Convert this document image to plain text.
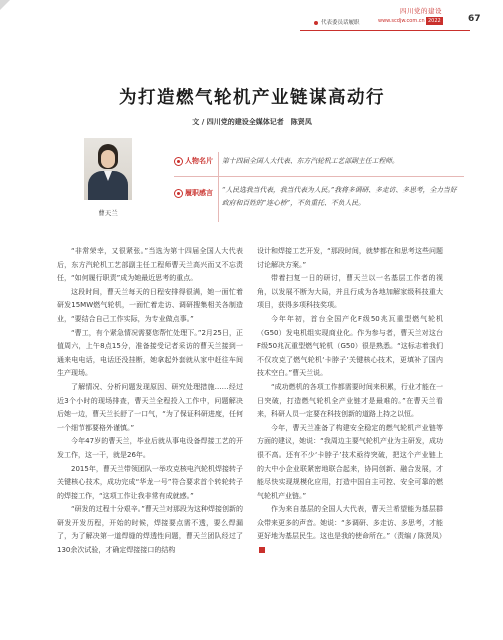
四川党的建设
代表委员话履职	www.scdjw.com.cn 2022	67
为打造燃气轮机产业链谋高动行
文 / 四川党的建设全媒体记者　陈贤凤
曹天兰
人物名片 第十四届全国人大代表、东方汽轮机工艺部副主任工程师。
履职感言 “人民选我当代表，我当代表为人民。”我将多调研、多走访、多思考，全力当好政府和百姓的“连心桥”，不负重托、不负人民。

“非常荣幸，又很紧张。”当选为第十四届全国人大代表后，东方汽轮机工艺部副主任工程师曹天兰高兴而又不忘责任，“如何履行职责”成为她最近思考的重点。

这段时间，曹天兰每天的日程安排得很满，她一面忙着研发15MW燃气轮机，一面忙着走访、调研搜集相关各制造业，“要结合自己工作实际，为专业做点事。”

“曹工，有个紧急情况需要您帮忙处理下。”2月25日，正值周六，上午8点15分，准备接受记者采访的曹天兰接到一通来电电话，电话还没挂断，她拿起外套就从家中赶往车间生产现场。

了解情况、分析问题发现原因、研究处理措施……经过近3个小时的现场排查，曹天兰全程投入工作中，问题解决后她一边，曹天兰长舒了一口气，“为了保证科研进度，任何一个细节都要格外谨慎。”

今年47岁的曹天兰，毕业后就从事电设备焊接工艺的开发工作，这一干，就是26年。

2015年，曹天兰带领团队一举攻克核电汽轮机焊接转子关键核心技术，成功完成“华龙一号”符合要求首个转轮转子的焊接工作，“这项工作让我非常有成就感。”

“研发的过程十分艰辛。”曹天兰对那段为这种焊接创新的研发开发历程，开始的时候，焊接要点需不透，要么焊漏了，为了解决第一道焊缝的焊透性问题，曹天兰团队经过了130余次试验，才确定焊接接口的结构

设计和焊接工艺开发，“那段时间，就梦都在和思考这些问题讨论解决方案。”

带着扫复一日的研讨，曹天兰以一名基层工作者的视角，以发展不断为大局，并且行成为各地加解家级科技重大项目，获得多项科技奖项。

今年年初，首台全国产化F级50兆瓦重型燃气轮机（G50）发电机组实现商业化。作为参与者，曹天兰对这台F级50兆瓦重型燃气轮机（G50）很是熟悉。“这标志着我们不仅攻克了燃气轮机‘卡脖子’关键核心技术，更填补了国内技术空白。”曹天兰说。

“成功燃机的各项工作都需要时间来积累，行业才能在一日突破，打造燃气轮机全产业链才是最难的。”在曹天兰看来，科研人员一定要在科技创新的道路上持之以恒。

今年，曹天兰准备了构建安全稳定的燃气轮机产业链等方面的建议，她说：“我周边主要气轮机产业为主研发，成功很不高。还有不少‘卡脖子’技术亟待突破，把这个产业链上的大中小企业联紧密地联合起来，协同创新、融合发展，才能尽快实现规模化应用，打造中国自主可控、安全可靠的燃气轮机产业链。”

作为来自基层的全国人大代表，曹天兰希望能为基层群众带来更多的声音。她说：“多调研、多走访、多思考，才能更好地为基层民生。这也是我的使命所在。”（责编 / 陈贤凤）
